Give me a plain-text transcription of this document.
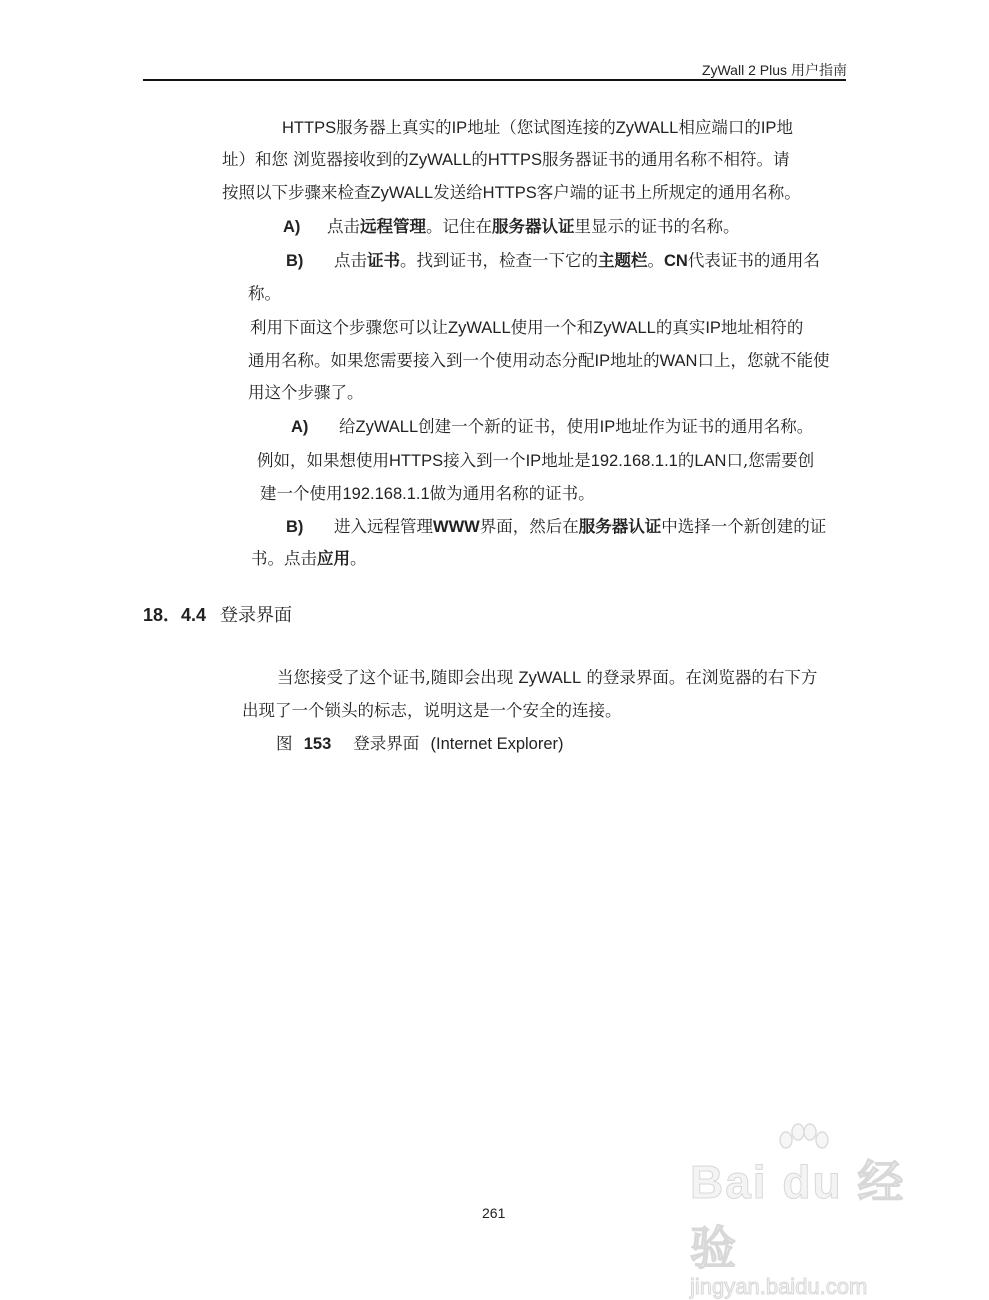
ZyWall 2 Plus 用户指南
HTTPS服务器上真实的IP地址（您试图连接的ZyWALL相应端口的IP地
址）和您 浏览器接收到的ZyWALL的HTTPS服务器证书的通用名称不相符。请
按照以下步骤来检查ZyWALL发送给HTTPS客户端的证书上所规定的通用名称。
A) 点击远程管理。记住在服务器认证里显示的证书的名称。
B) 点击证书。找到证书，检查一下它的主题栏。CN代表证书的通用名
称。
利用下面这个步骤您可以让ZyWALL使用一个和ZyWALL的真实IP地址相符的
通用名称。如果您需要接入到一个使用动态分配IP地址的WAN口上，您就不能使
用这个步骤了。
A) 给ZyWALL创建一个新的证书，使用IP地址作为证书的通用名称。
例如，如果想使用HTTPS接入到一个IP地址是192.168.1.1的LAN口,您需要创
建一个使用192.168.1.1做为通用名称的证书。
B) 进入远程管理WWW界面，然后在服务器认证中选择一个新创建的证
书。点击应用。
18．4.4 登录界面
当您接受了这个证书,随即会出现 ZyWALL 的登录界面。在浏览器的右下方
出现了一个锁头的标志，说明这是一个安全的连接。
图 153 登录界面 (Internet Explorer)
261
Bai du 经验
jingyan.baidu.com
